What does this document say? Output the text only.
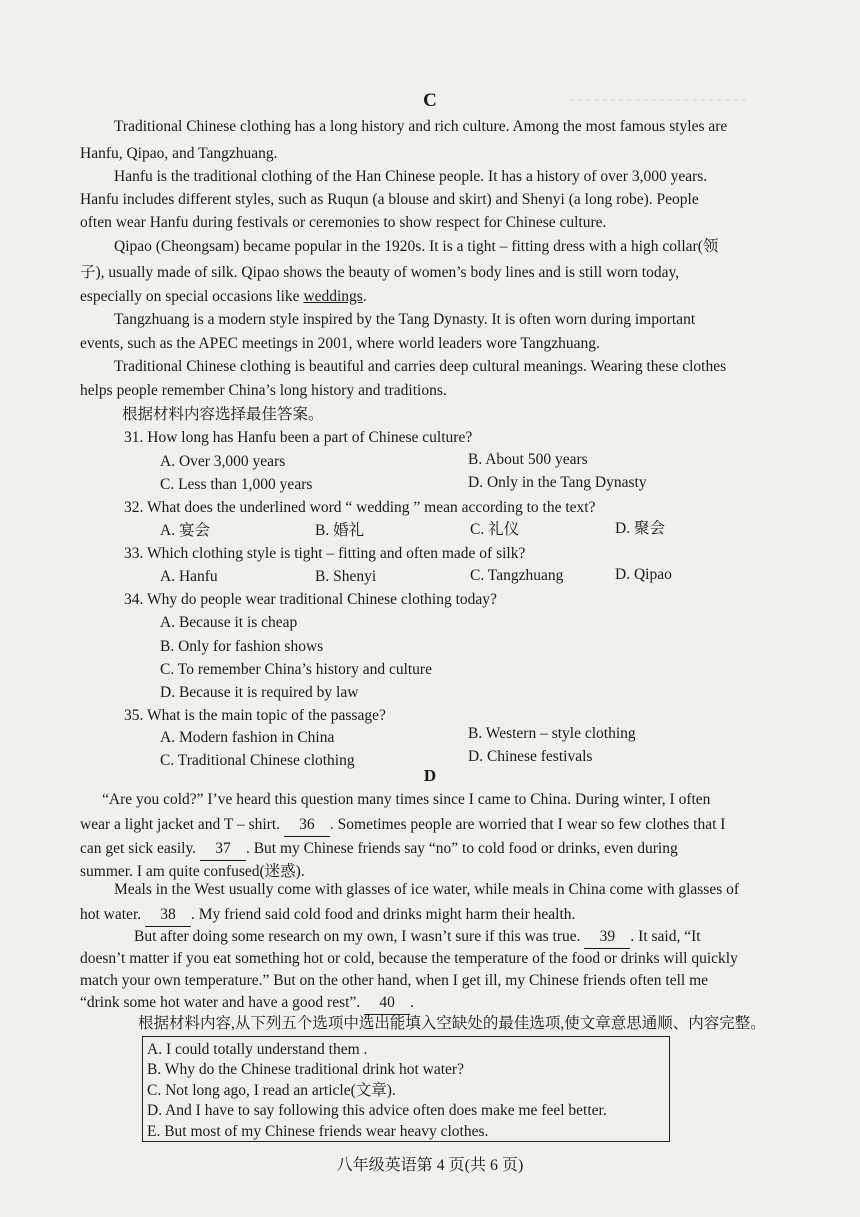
- - - - - - - - - - - - - - - - - - - - - -
C

Traditional Chinese clothing has a long history and rich culture. Among the most famous styles are

Hanfu, Qipao, and Tangzhuang.

Hanfu is the traditional clothing of the Han Chinese people. It has a history of over 3,000 years.

Hanfu includes different styles, such as Ruqun (a blouse and skirt) and Shenyi (a long robe). People

often wear Hanfu during festivals or ceremonies to show respect for Chinese culture.

Qipao (Cheongsam) became popular in the 1920s. It is a tight – fitting dress with a high collar(领

子), usually made of silk. Qipao shows the beauty of women’s body lines and is still worn today,

especially on special occasions like weddings.

Tangzhuang is a modern style inspired by the Tang Dynasty. It is often worn during important

events, such as the APEC meetings in 2001, where world leaders wore Tangzhuang.

Traditional Chinese clothing is beautiful and carries deep cultural meanings. Wearing these clothes

helps people remember China’s long history and traditions.

根据材料内容选择最佳答案。

31. How long has Hanfu been a part of Chinese culture?
A. Over 3,000 years	B. About 500 years
C. Less than 1,000 years	D. Only in the Tang Dynasty
32. What does the underlined word “ wedding ” mean according to the text?
A. 宴会	B. 婚礼	C. 礼仪	D. 聚会
33. Which clothing style is tight – fitting and often made of silk?
A. Hanfu	B. Shenyi	C. Tangzhuang	D. Qipao
34. Why do people wear traditional Chinese clothing today?
A. Because it is cheap
B. Only for fashion shows
C. To remember China’s history and culture
D. Because it is required by law
35. What is the main topic of the passage?
A. Modern fashion in China	B. Western – style clothing
C. Traditional Chinese clothing	D. Chinese festivals
D

“Are you cold?” I’ve heard this question many times since I came to China. During winter, I often

wear a light jacket and T – shirt. 36 . Sometimes people are worried that I wear so few clothes that I

can get sick easily. 37 . But my Chinese friends say “no” to cold food or drinks, even during

summer. I am quite confused(迷惑).

Meals in the West usually come with glasses of ice water, while meals in China come with glasses of

hot water. 38 . My friend said cold food and drinks might harm their health.

But after doing some research on my own, I wasn’t sure if this was true. 39 . It said, “It

doesn’t matter if you eat something hot or cold, because the temperature of the food or drinks will quickly

match your own temperature.” But on the other hand, when I get ill, my Chinese friends often tell me

“drink some hot water and have a good rest”. 40 .

根据材料内容,从下列五个选项中选出能填入空缺处的最佳选项,使文章意思通顺、内容完整。

A. I could totally understand them .
B. Why do the Chinese traditional drink hot water?
C. Not long ago, I read an article(文章).
D. And I have to say following this advice often does make me feel better.
E. But most of my Chinese friends wear heavy clothes.
八年级英语第 4 页(共 6 页)
